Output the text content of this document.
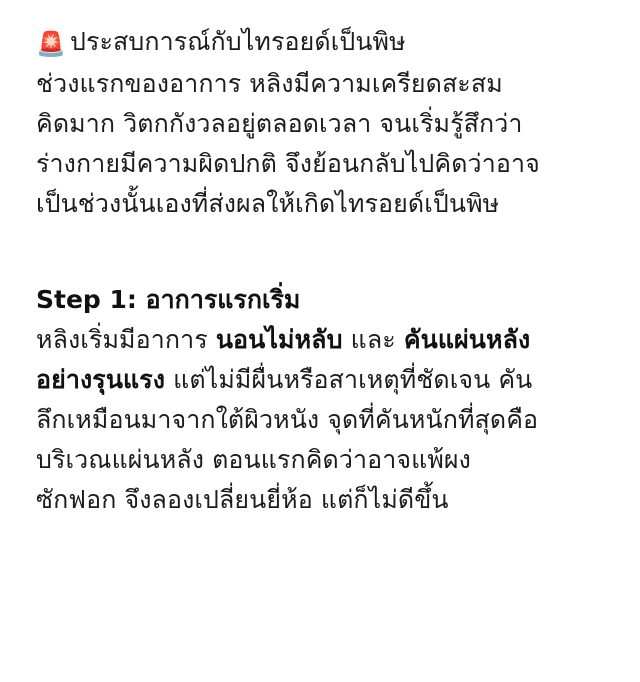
🚨 ประสบการณ์กับไทรอยด์เป็นพิษ
ช่วงแรกของอาการ หลิงมีความเครียดสะสม
คิดมาก วิตกกังวลอยู่ตลอดเวลา จนเริ่มรู้สึกว่า
ร่างกายมีความผิดปกติ จึงย้อนกลับไปคิดว่าอาจ
เป็นช่วงนั้นเองที่ส่งผลให้เกิดไทรอยด์เป็นพิษ
Step 1: อาการแรกเริ่ม
หลิงเริ่มมีอาการ นอนไม่หลับ และ คันแผ่นหลัง
อย่างรุนแรง แต่ไม่มีผื่นหรือสาเหตุที่ชัดเจน คัน
ลึกเหมือนมาจากใต้ผิวหนัง จุดที่คันหนักที่สุดคือ
บริเวณแผ่นหลัง ตอนแรกคิดว่าอาจแพ้ผง
ซักฟอก จึงลองเปลี่ยนยี่ห้อ แต่ก็ไม่ดีขึ้น
